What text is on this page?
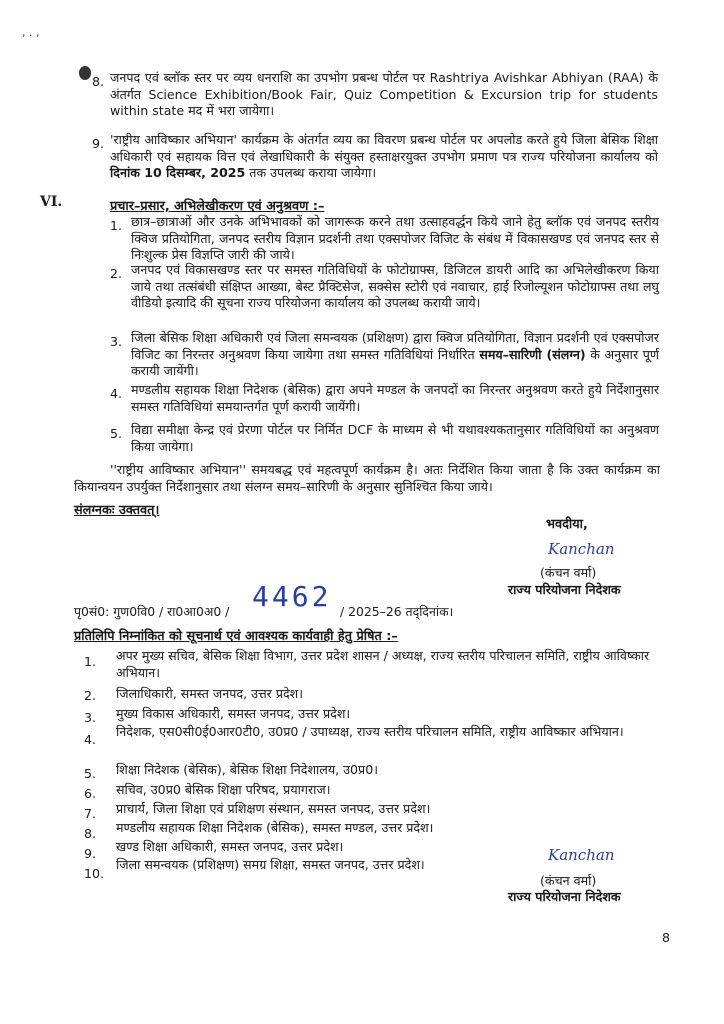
, . ,
8. जनपद एवं ब्लॉक स्तर पर व्यय धनराशि का उपभोग प्रबन्ध पोर्टल पर Rashtriya Avishkar Abhiyan (RAA) के अंतर्गत Science Exhibition/Book Fair, Quiz Competition & Excursion trip for students within state मद में भरा जायेगा।
9. 'राष्ट्रीय आविष्कार अभियान' कार्यक्रम के अंतर्गत व्यय का विवरण प्रबन्ध पोर्टल पर अपलोड करते हुये जिला बेसिक शिक्षा अधिकारी एवं सहायक वित्त एवं लेखाधिकारी के संयुक्त हस्ताक्षरयुक्त उपभोग प्रमाण पत्र राज्य परियोजना कार्यालय को दिनांक 10 दिसम्बर, 2025 तक उपलब्ध कराया जायेगा।
VI.	प्रचार–प्रसार, अभिलेखीकरण एवं अनुश्रवण :–
1. छात्र–छात्राओं और उनके अभिभावकों को जागरूक करने तथा उत्साहवर्द्धन किये जाने हेतु ब्लॉक एवं जनपद स्तरीय क्विज प्रतियोगिता, जनपद स्तरीय विज्ञान प्रदर्शनी तथा एक्सपोजर विजिट के संबंध में विकासखण्ड एवं जनपद स्तर से निःशुल्क प्रेस विज्ञप्ति जारी की जाये।
2. जनपद एवं विकासखण्ड स्तर पर समस्त गतिविधियों के फोटोग्राफ्स, डिजिटल डायरी आदि का अभिलेखीकरण किया जाये तथा तत्संबंधी संक्षिप्त आख्या, बेस्ट प्रैक्टिसेज, सक्सेस स्टोरी एवं नवाचार, हाई रिजोल्यूशन फोटोग्राफ्स तथा लघु वीडियो इत्यादि की सूचना राज्य परियोजना कार्यालय को उपलब्ध करायी जाये।
3. जिला बेसिक शिक्षा अधिकारी एवं जिला समन्वयक (प्रशिक्षण) द्वारा क्विज प्रतियोगिता, विज्ञान प्रदर्शनी एवं एक्सपोजर विजिट का निरन्तर अनुश्रवण किया जायेगा तथा समस्त गतिविधियां निर्धारित समय–सारिणी (संलग्न) के अनुसार पूर्ण करायी जायेंगी।
4. मण्डलीय सहायक शिक्षा निदेशक (बेसिक) द्वारा अपने मण्डल के जनपदों का निरन्तर अनुश्रवण करते हुये निर्देशानुसार समस्त गतिविधियां समयान्तर्गत पूर्ण करायी जायेंगी।
5. विद्या समीक्षा केन्द्र एवं प्रेरणा पोर्टल पर निर्मित DCF के माध्यम से भी यथावश्यकतानुसार गतिविधियों का अनुश्रवण किया जायेगा।
''राष्ट्रीय आविष्कार अभियान'' समयबद्ध एवं महत्वपूर्ण कार्यक्रम है। अतः निर्देशित किया जाता है कि उक्त कार्यक्रम का कियान्वयन उपर्युक्त निर्देशानुसार तथा संलग्न समय–सारिणी के अनुसार सुनिश्चित किया जाये।
संलग्नकः उक्तवत्।
भवदीया,
Kanchan
(कंचन वर्मा)
राज्य परियोजना निदेशक
पृ0सं0: गुण0वि0 / रा0आ0अ0 / 4462 / 2025–26 तद्‌दिनांक।
प्रतिलिपि निम्नांकित को सूचनार्थ एवं आवश्यक कार्यवाही हेतु प्रेषित :–
1. अपर मुख्य सचिव, बेसिक शिक्षा विभाग, उत्तर प्रदेश शासन / अध्यक्ष, राज्य स्तरीय परिचालन समिति, राष्ट्रीय आविष्कार अभियान।
2. जिलाधिकारी, समस्त जनपद, उत्तर प्रदेश।
3. मुख्य विकास अधिकारी, समस्त जनपद, उत्तर प्रदेश।
4.
निदेशक, एस0सी0ई0आर0टी0, उ0प्र0 / उपाध्यक्ष, राज्य स्तरीय परिचालन समिति, राष्ट्रीय आविष्कार अभियान।
5. शिक्षा निदेशक (बेसिक), बेसिक शिक्षा निदेशालय, उ0प्र0।
6. सचिव, उ0प्र0 बेसिक शिक्षा परिषद, प्रयागराज।
7. प्राचार्य, जिला शिक्षा एवं प्रशिक्षण संस्थान, समस्त जनपद, उत्तर प्रदेश।
8. मण्डलीय सहायक शिक्षा निदेशक (बेसिक), समस्त मण्डल, उत्तर प्रदेश।
9. खण्ड शिक्षा अधिकारी, समस्त जनपद, उत्तर प्रदेश।
10.
जिला समन्वयक (प्रशिक्षण) समग्र शिक्षा, समस्त जनपद, उत्तर प्रदेश।
Kanchan
(कंचन वर्मा)
राज्य परियोजना निदेशक
8
